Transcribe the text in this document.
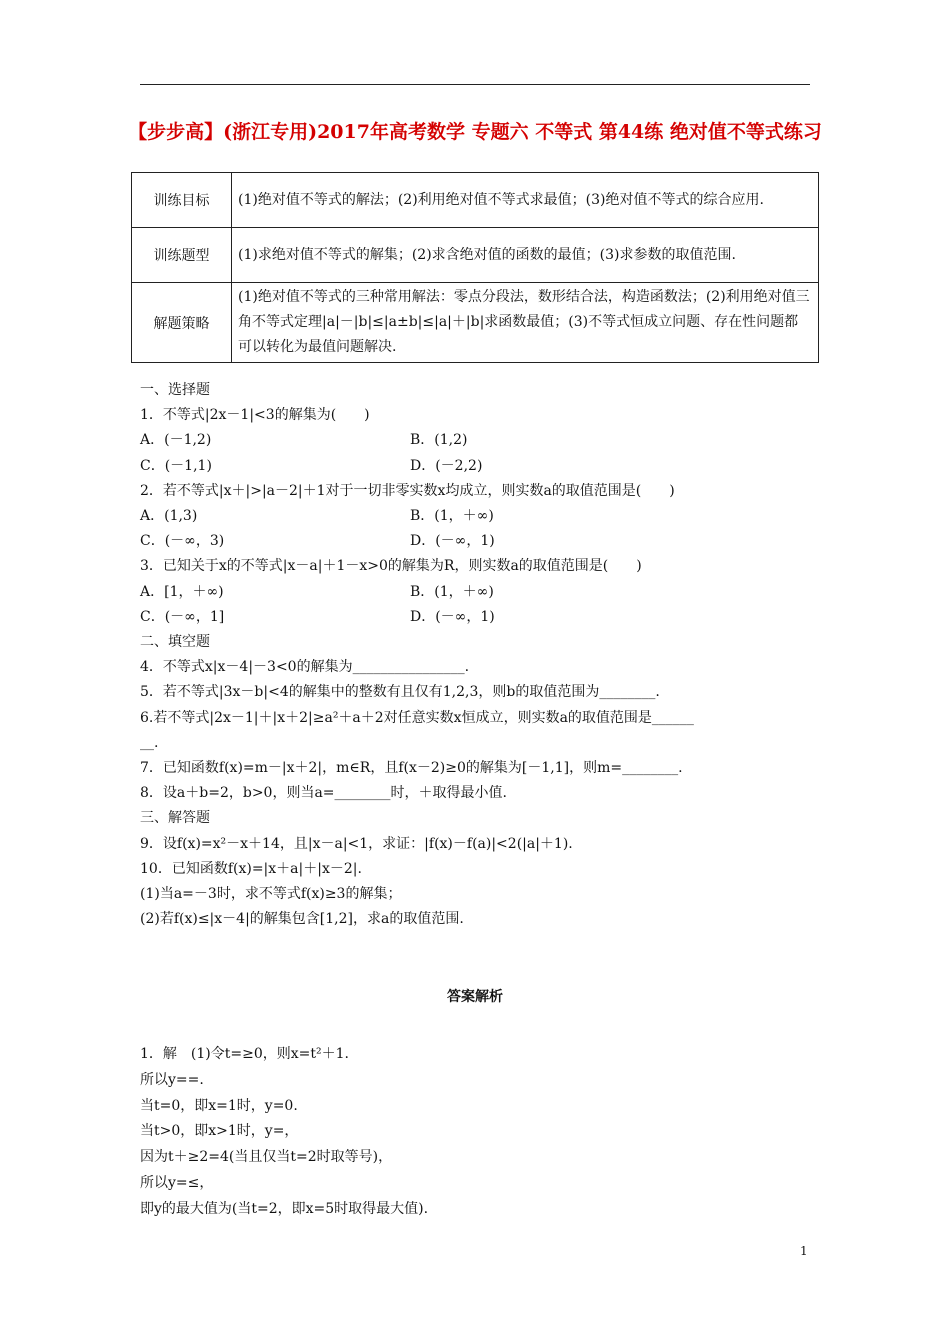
【步步高】(浙江专用)2017年高考数学 专题六 不等式 第44练 绝对值不等式练习
训练目标	(1)绝对值不等式的解法；(2)利用绝对值不等式求最值；(3)绝对值不等式的综合应用.
训练题型	(1)求绝对值不等式的解集；(2)求含绝对值的函数的最值；(3)求参数的取值范围.
解题策略	(1)绝对值不等式的三种常用解法：零点分段法，数形结合法，构造函数法；(2)利用绝对值三角不等式定理|a|－|b|≤|a±b|≤|a|＋|b|求函数最值；(3)不等式恒成立问题、存在性问题都可以转化为最值问题解决.
一、选择题
1．不等式|2x－1|<3的解集为(　　)
A．(－1,2)	B．(1,2)
C．(－1,1)	D．(－2,2)
2．若不等式|x＋|>|a－2|＋1对于一切非零实数x均成立，则实数a的取值范围是(　　)
A．(1,3)	B．(1，＋∞)
C．(－∞，3)	D．(－∞，1)
3．已知关于x的不等式|x－a|＋1－x>0的解集为R，则实数a的取值范围是(　　)
A．[1，＋∞)	B．(1，＋∞)
C．(－∞，1]	D．(－∞，1)
二、填空题
4．不等式x|x－4|－3<0的解集为________________.
5．若不等式|3x－b|<4的解集中的整数有且仅有1,2,3，则b的取值范围为________.
6.若不等式|2x－1|＋|x＋2|≥a²＋a＋2对任意实数x恒成立，则实数a的取值范围是______
__.
7．已知函数f(x)=m－|x＋2|，m∈R，且f(x－2)≥0的解集为[－1,1]，则m=________.
8．设a＋b=2，b>0，则当a=________时，＋取得最小值.
三、解答题
9．设f(x)=x²－x＋14，且|x－a|<1，求证：|f(x)－f(a)|<2(|a|＋1).
10．已知函数f(x)=|x＋a|＋|x－2|.
(1)当a=－3时，求不等式f(x)≥3的解集；
(2)若f(x)≤|x－4|的解集包含[1,2]，求a的取值范围.
答案解析
1．解　(1)令t=≥0，则x=t²＋1.
所以y==.
当t=0，即x=1时，y=0.
当t>0，即x>1时，y=，
因为t＋≥2=4(当且仅当t=2时取等号)，
所以y=≤，
即y的最大值为(当t=2，即x=5时取得最大值).
1
